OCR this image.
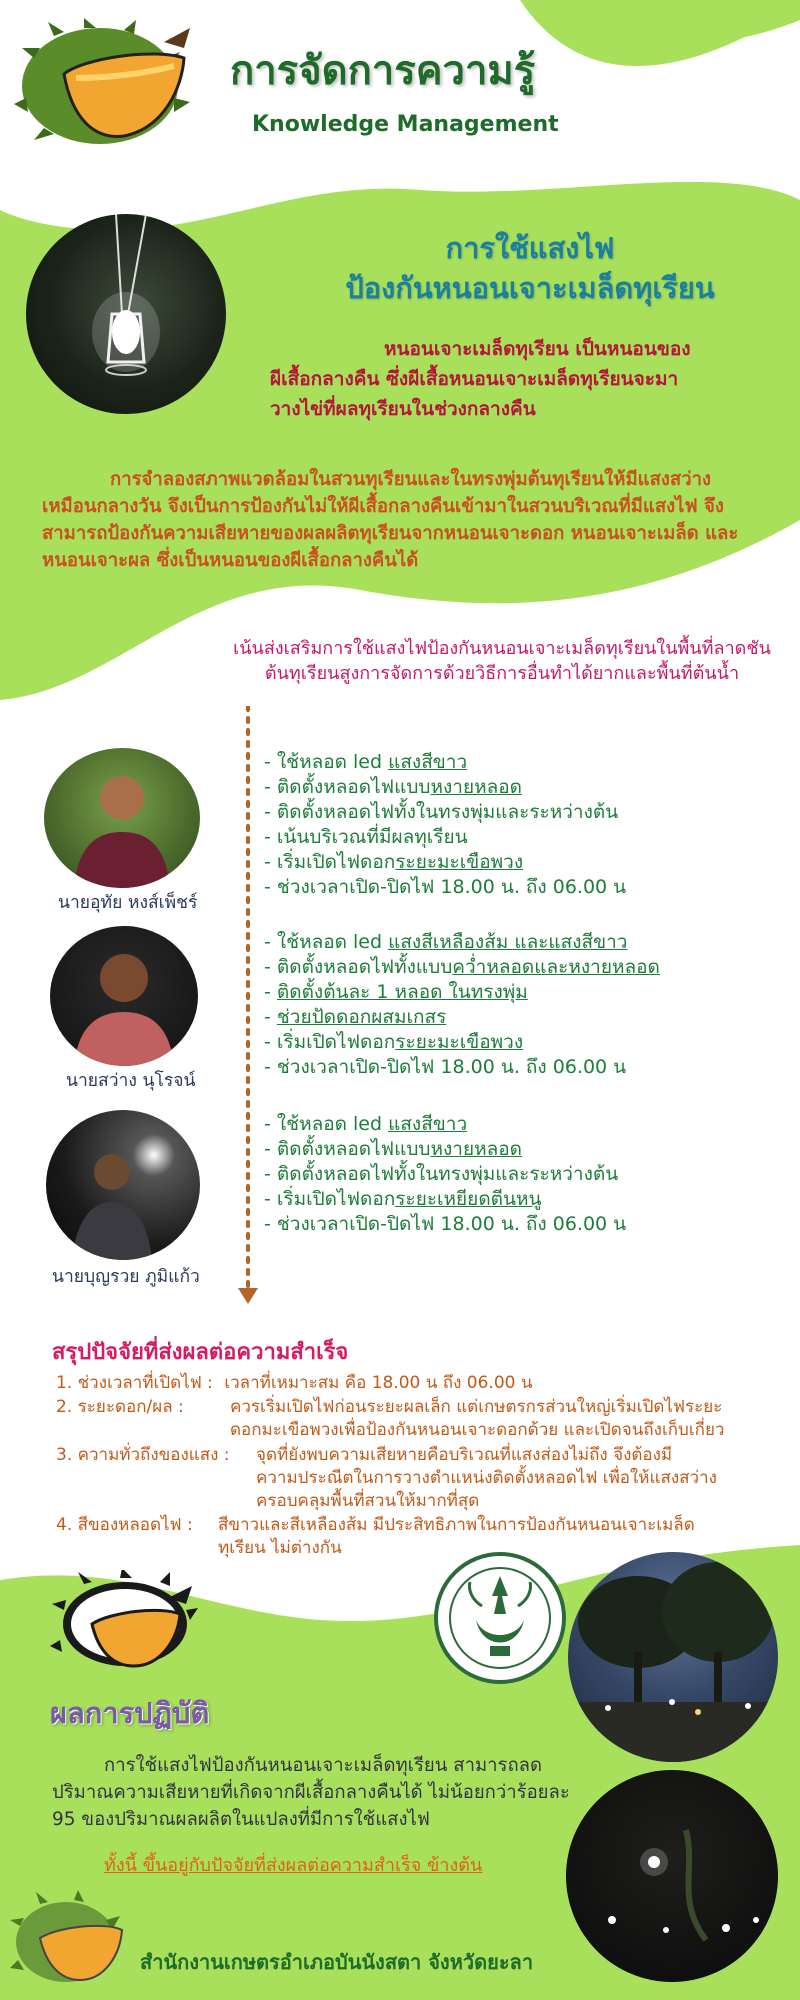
การจัดการความรู้
Knowledge Management
การใช้แสงไฟ
ป้องกันหนอนเจาะเมล็ดทุเรียน

หนอนเจาะเมล็ดทุเรียน เป็นหนอนของ

ผีเสื้อกลางคืน ซึ่งผีเสื้อหนอนเจาะเมล็ดทุเรียนจะมา

วางไข่ที่ผลทุเรียนในช่วงกลางคืน

การจำลองสภาพแวดล้อมในสวนทุเรียนและในทรงพุ่มต้นทุเรียนให้มีแสงสว่างเหมือนกลางวัน จึงเป็นการป้องกันไม่ให้ผีเสื้อกลางคืนเข้ามาในสวนบริเวณที่มีแสงไฟ จึงสามารถป้องกันความเสียหายของผลผลิตทุเรียนจากหนอนเจาะดอก หนอนเจาะเมล็ด และหนอนเจาะผล ซึ่งเป็นหนอนของผีเสื้อกลางคืนได้

เน้นส่งเสริมการใช้แสงไฟป้องกันหนอนเจาะเมล็ดทุเรียนในพื้นที่ลาดชัน
ต้นทุเรียนสูงการจัดการด้วยวิธีการอื่นทำได้ยากและพื้นที่ต้นน้ำ
นายอุทัย หงส์เพ็ชร์
- ใช้หลอด led แสงสีขาว
- ติดตั้งหลอดไฟแบบหงายหลอด
- ติดตั้งหลอดไฟทั้งในทรงพุ่มและระหว่างต้น
- เน้นบริเวณที่มีผลทุเรียน
- เริ่มเปิดไฟดอกระยะมะเขือพวง
- ช่วงเวลาเปิด-ปิดไฟ 18.00 น. ถึง 06.00 น
นายสว่าง นุโรจน์
- ใช้หลอด led แสงสีเหลืองส้ม และแสงสีขาว
- ติดตั้งหลอดไฟทั้งแบบคว่ำหลอดและหงายหลอด
- ติดตั้งต้นละ 1 หลอด ในทรงพุ่ม
- ช่วยปัดดอกผสมเกสร
- เริ่มเปิดไฟดอกระยะมะเขือพวง
- ช่วงเวลาเปิด-ปิดไฟ 18.00 น. ถึง 06.00 น
นายบุญรวย ภูมิแก้ว
- ใช้หลอด led แสงสีขาว
- ติดตั้งหลอดไฟแบบหงายหลอด
- ติดตั้งหลอดไฟทั้งในทรงพุ่มและระหว่างต้น
- เริ่มเปิดไฟดอกระยะเหยียดตีนหนู
- ช่วงเวลาเปิด-ปิดไฟ 18.00 น. ถึง 06.00 น
สรุปปัจจัยที่ส่งผลต่อความสำเร็จ
1. ช่วงเวลาที่เปิดไฟ : เวลาที่เหมาะสม คือ 18.00 น ถึง 06.00 น
2. ระยะดอก/ผล :	ควรเริ่มเปิดไฟก่อนระยะผลเล็ก แต่เกษตรกรส่วนใหญ่เริ่มเปิดไฟระยะ
ดอกมะเขือพวงเพื่อป้องกันหนอนเจาะดอกด้วย และเปิดจนถึงเก็บเกี่ยว
3. ความทั่วถึงของแสง : จุดที่ยังพบความเสียหายคือบริเวณที่แสงส่องไม่ถึง จึงต้องมี
ความประณีตในการวางตำแหน่งติดตั้งหลอดไฟ เพื่อให้แสงสว่าง
ครอบคลุมพื้นที่สวนให้มากที่สุด
4. สีของหลอดไฟ : สีขาวและสีเหลืองส้ม มีประสิทธิภาพในการป้องกันหนอนเจาะเมล็ด
ทุเรียน ไม่ต่างกัน
ผลการปฏิบัติ

การใช้แสงไฟป้องกันหนอนเจาะเมล็ดทุเรียน สามารถลดปริมาณความเสียหายที่เกิดจากผีเสื้อกลางคืนได้ ไม่น้อยกว่าร้อยละ 95 ของปริมาณผลผลิตในแปลงที่มีการใช้แสงไฟ

ทั้งนี้ ขึ้นอยู่กับปัจจัยที่ส่งผลต่อความสำเร็จ ข้างต้น
สำนักงานเกษตรอำเภอบันนังสตา จังหวัดยะลา
